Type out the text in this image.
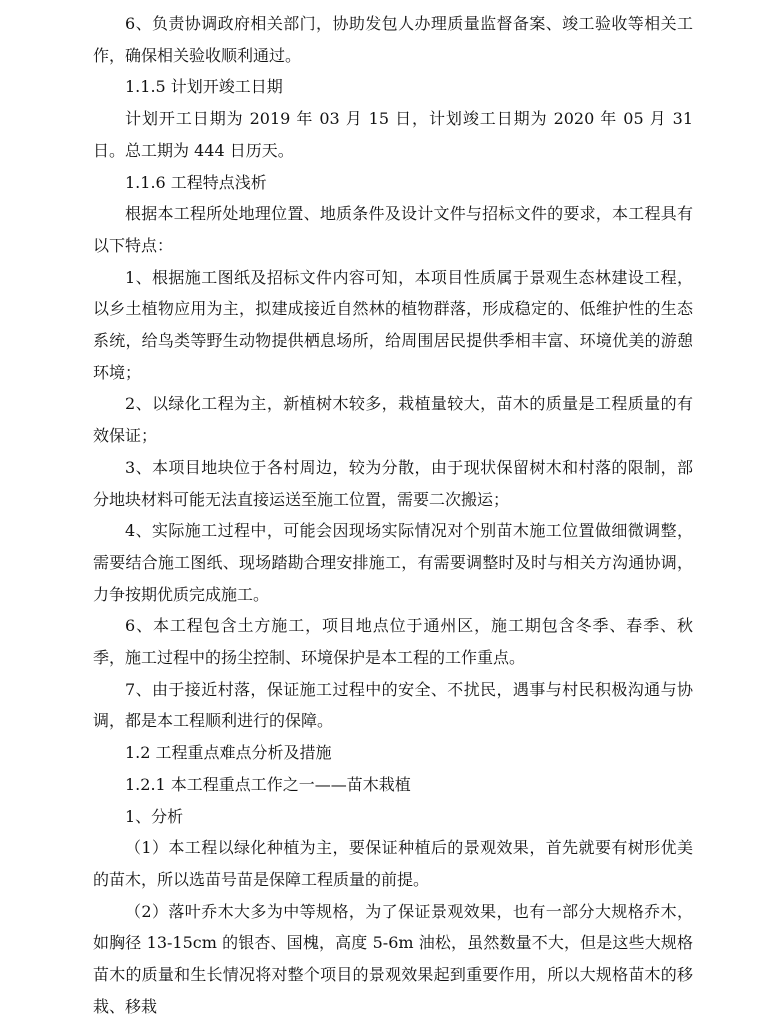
6、负责协调政府相关部门，协助发包人办理质量监督备案、竣工验收等相关工作，确保相关验收顺利通过。

1.1.5 计划开竣工日期

计划开工日期为 2019 年 03 月 15 日，计划竣工日期为 2020 年 05 月 31 日。总工期为 444 日历天。

1.1.6 工程特点浅析

根据本工程所处地理位置、地质条件及设计文件与招标文件的要求，本工程具有以下特点：

1、根据施工图纸及招标文件内容可知，本项目性质属于景观生态林建设工程，以乡土植物应用为主，拟建成接近自然林的植物群落，形成稳定的、低维护性的生态系统，给鸟类等野生动物提供栖息场所，给周围居民提供季相丰富、环境优美的游憩环境；

2、以绿化工程为主，新植树木较多，栽植量较大，苗木的质量是工程质量的有效保证；

3、本项目地块位于各村周边，较为分散，由于现状保留树木和村落的限制，部分地块材料可能无法直接运送至施工位置，需要二次搬运；

4、实际施工过程中，可能会因现场实际情况对个别苗木施工位置做细微调整，需要结合施工图纸、现场踏勘合理安排施工，有需要调整时及时与相关方沟通协调，力争按期优质完成施工。

6、本工程包含土方施工，项目地点位于通州区，施工期包含冬季、春季、秋季，施工过程中的扬尘控制、环境保护是本工程的工作重点。

7、由于接近村落，保证施工过程中的安全、不扰民，遇事与村民积极沟通与协调，都是本工程顺利进行的保障。

1.2 工程重点难点分析及措施

1.2.1 本工程重点工作之一——苗木栽植

1、分析

（1）本工程以绿化种植为主，要保证种植后的景观效果，首先就要有树形优美的苗木，所以选苗号苗是保障工程质量的前提。

（2）落叶乔木大多为中等规格，为了保证景观效果，也有一部分大规格乔木，如胸径 13-15cm 的银杏、国槐，高度 5-6m 油松，虽然数量不大，但是这些大规格苗木的质量和生长情况将对整个项目的景观效果起到重要作用，所以大规格苗木的移栽、移栽
